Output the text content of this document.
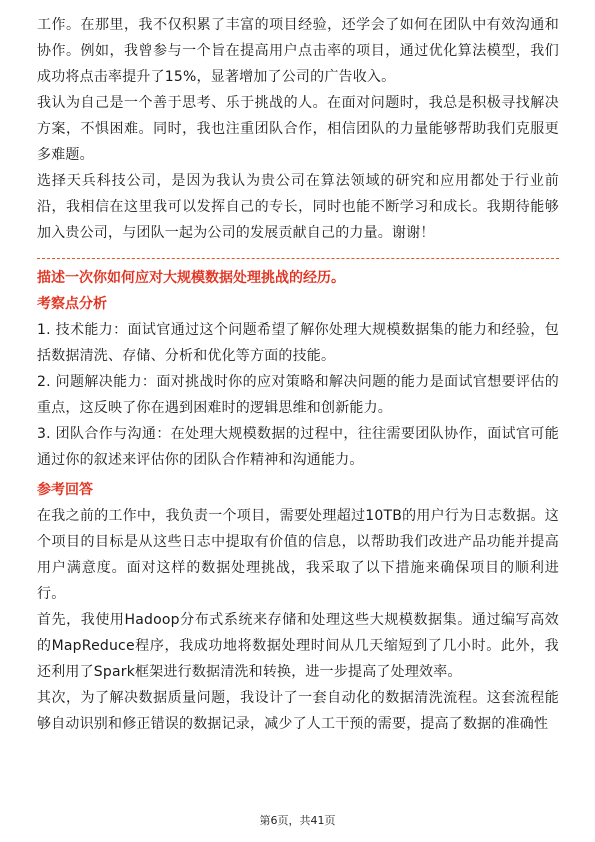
工作。在那里，我不仅积累了丰富的项目经验，还学会了如何在团队中有效沟通和协作。例如，我曾参与一个旨在提高用户点击率的项目，通过优化算法模型，我们成功将点击率提升了15%，显著增加了公司的广告收入。

我认为自己是一个善于思考、乐于挑战的人。在面对问题时，我总是积极寻找解决方案，不惧困难。同时，我也注重团队合作，相信团队的力量能够帮助我们克服更多难题。

选择天兵科技公司，是因为我认为贵公司在算法领域的研究和应用都处于行业前沿，我相信在这里我可以发挥自己的专长，同时也能不断学习和成长。我期待能够加入贵公司，与团队一起为公司的发展贡献自己的力量。谢谢！

描述一次你如何应对大规模数据处理挑战的经历。

考察点分析

1. 技术能力：面试官通过这个问题希望了解你处理大规模数据集的能力和经验，包括数据清洗、存储、分析和优化等方面的技能。

2. 问题解决能力：面对挑战时你的应对策略和解决问题的能力是面试官想要评估的重点，这反映了你在遇到困难时的逻辑思维和创新能力。

3. 团队合作与沟通：在处理大规模数据的过程中，往往需要团队协作，面试官可能通过你的叙述来评估你的团队合作精神和沟通能力。

参考回答

在我之前的工作中，我负责一个项目，需要处理超过10TB的用户行为日志数据。这个项目的目标是从这些日志中提取有价值的信息，以帮助我们改进产品功能并提高用户满意度。面对这样的数据处理挑战，我采取了以下措施来确保项目的顺利进行。

首先，我使用Hadoop分布式系统来存储和处理这些大规模数据集。通过编写高效的MapReduce程序，我成功地将数据处理时间从几天缩短到了几小时。此外，我还利用了Spark框架进行数据清洗和转换，进一步提高了处理效率。

其次，为了解决数据质量问题，我设计了一套自动化的数据清洗流程。这套流程能够自动识别和修正错误的数据记录，减少了人工干预的需要，提高了数据的准确性

第6页，共41页
